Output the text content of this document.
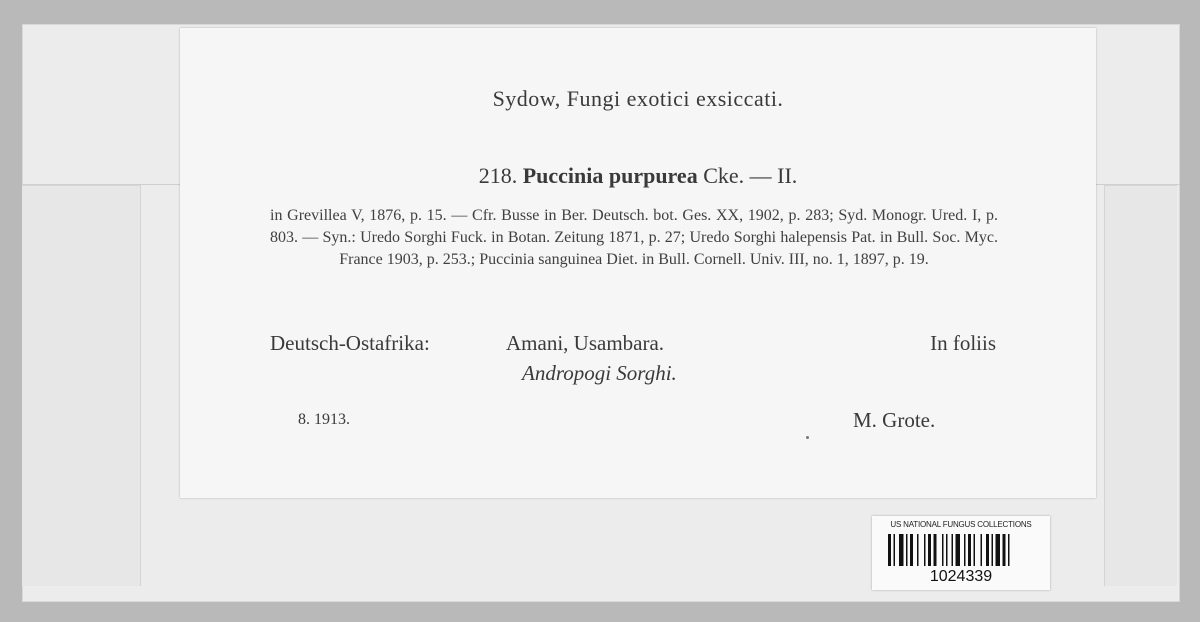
Sydow, Fungi exotici exsiccati.
218. Puccinia purpurea Cke. — II.
in Grevillea V, 1876, p. 15. — Cfr. Busse in Ber. Deutsch. bot. Ges. XX, 1902, p. 283; Syd. Monogr. Ured. I, p. 803. — Syn.: Uredo Sorghi Fuck. in Botan. Zeitung 1871, p. 27; Uredo Sorghi halepensis Pat. in Bull. Soc. Myc. France 1903, p. 253.; Puccinia sanguinea Diet. in Bull. Cornell. Univ. III, no. 1, 1897, p. 19.
Deutsch-Ostafrika:	Amani, Usambara.	In foliis
Andropogi Sorghi.
8. 1913.	M. Grote.
US NATIONAL FUNGUS COLLECTIONS
1024339
